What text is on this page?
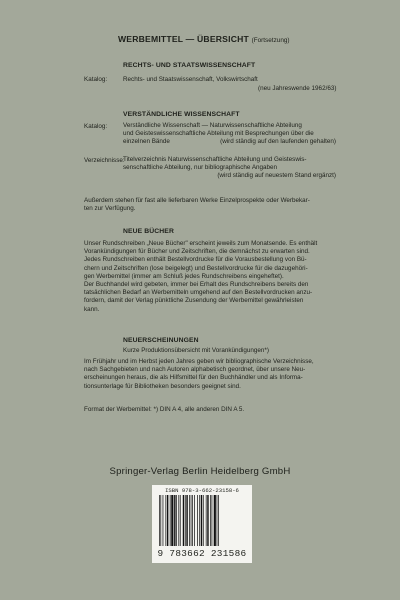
WERBEMITTEL — ÜBERSICHT (Fortsetzung)
RECHTS- UND STAATSWISSENSCHAFT
Katalog:	Rechts- und Staatswissenschaft, Volkswirtschaft
(neu Jahreswende 1962/63)
VERSTÄNDLICHE WISSENSCHAFT
Katalog:	Verständliche Wissenschaft — Naturwissenschaftliche Abteilung
und Geisteswissenschaftliche Abteilung mit Besprechungen über die
einzelnen Bände	(wird ständig auf den laufenden gehalten)
Verzeichnisse:
Titelverzeichnis Naturwissenschaftliche Abteilung und Geisteswis-
senschaftliche Abteilung, nur bibliographische Angaben
(wird ständig auf neuestem Stand ergänzt)
Außerdem stehen für fast alle lieferbaren Werke Einzelprospekte oder Werbekar-
ten zur Verfügung.
NEUE BÜCHER
Unser Rundschreiben „Neue Bücher" erscheint jeweils zum Monatsende. Es enthält
Vorankündigungen für Bücher und Zeitschriften, die demnächst zu erwarten sind.
Jedes Rundschreiben enthält Bestellvordrucke für die Vorausbestellung von Bü-
chern und Zeitschriften (lose beigelegt) und Bestellvordrucke für die dazugehöri-
gen Werbemittel (immer am Schluß jedes Rundschreibens eingeheftet).
Der Buchhandel wird gebeten, immer bei Erhalt des Rundschreibens bereits den
tatsächlichen Bedarf an Werbemitteln umgehend auf den Bestellvordrucken anzu-
fordern, damit der Verlag pünktliche Zusendung der Werbemittel gewährleisten
kann.
NEUERSCHEINUNGEN
Kurze Produktionsübersicht mit Vorankündigungen*)
Im Frühjahr und im Herbst jeden Jahres geben wir bibliographische Verzeichnisse,
nach Sachgebieten und nach Autoren alphabetisch geordnet, über unsere Neu-
erscheinungen heraus, die als Hilfsmittel für den Buchhändler und als Informa-
tionsunterlage für Bibliotheken besonders geeignet sind.
Format der Werbemittel: *) DIN A 4, alle anderen DIN A 5.
Springer-Verlag Berlin Heidelberg GmbH
ISBN 978-3-662-23158-6
9 783662 231586
